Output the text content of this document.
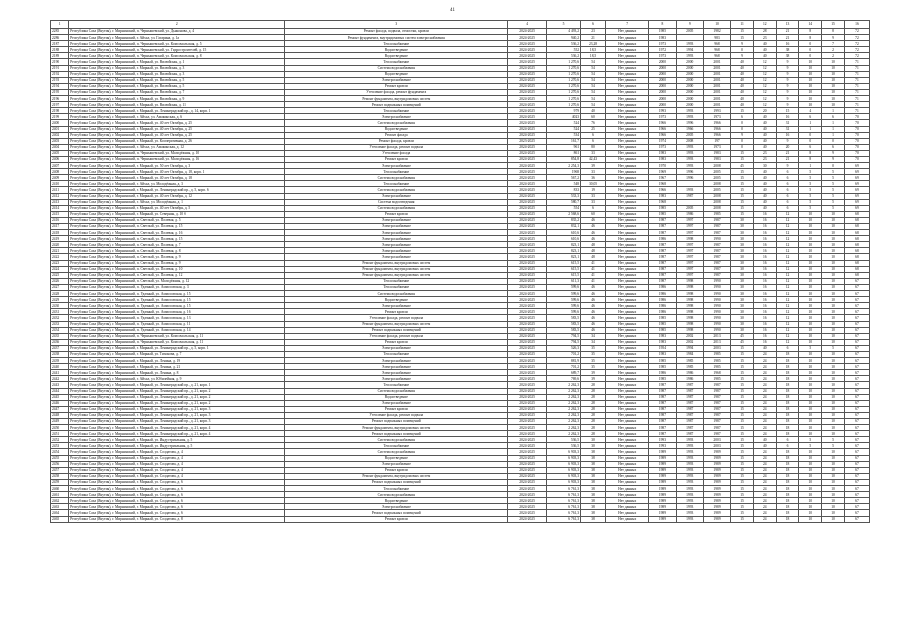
41
1	2	3	4	5	6	7	8	9	10	11	12	13	14	15	16
2285	Республика Саха (Якутия), г. Мирнинский, п. Чернышевский, ул. Дьяконова, д. 4	Ремонт фасада, подвала, отмостки, кровли	2024-2025	4 493,2	23	Нет данных	1985	2005	1982	15	28	21	8	8	72
2286	Республика Саха (Якутия), г. Мирнинский, г. Айхал, ул. Гагарина, д. 1а	Ремонт фундамента, внутридомовых систем электроснабжения	2024-2025	940,2	21	Нет данных	1983		983	15	23	21	8	9	72
2187	Республика Саха (Якутия), г. Мирнинский, п. Чернышевский, ул. Комсомольская, д. 5	Теплоснабжение	2024-2025	536,2	23,28	Нет данных	1973	1993	968	9	40	16	0	7	72
2188	Республика Саха (Якутия), г. Мирнинский, п. Чернышевский, ул. Гидростроителей, д. 15	Водоотведение	2024-2025	552	18,5	Нет данных	1972	1994	968	0	40	38	0	2	72
2189	Республика Саха (Якутия), г. Мирнинский, п. Чернышевский, ул. Комсомольская, д. 8	Водоотведение	2024-2025	536,2	18,5	Нет данных	1973	1993	968	9	40	38	0	2	72
2190	Республика Саха (Якутия), г. Мирнинский, г. Мирный, ул. Вилюйская, д. 1	Теплоснабжение	2024-2025	1 270,6	54	Нет данных	2000	2000	2001	40	12	9	10	10	71
2191	Республика Саха (Якутия), г. Мирнинский, г. Мирный, ул. Вилюйская, д. 3	Система водоснабжения	2024-2025	1 270,6	54	Нет данных	2000	2000	2001	40	12	9	10	10	71
2192	Республика Саха (Якутия), г. Мирнинский, г. Мирный, ул. Вилюйская, д. 3	Водоотведение	2024-2025	1 270,6	54	Нет данных	2000	2000	2001	40	12	9	10	10	71
2193	Республика Саха (Якутия), г. Мирнинский, г. Мирный, ул. Вилюйская, д. 5	Электроснабжение	2024-2025	1 270,6	54	Нет данных	2000	2000	2001	40	12	9	10	10	71
2194	Республика Саха (Якутия), г. Мирнинский, г. Мирный, ул. Вилюйская, д. 5	Ремонт кровли	2024-2025	1 270,6	54	Нет данных	2000	2000	2001	40	12	9	10	10	71
2195	Республика Саха (Якутия), г. Мирнинский, г. Мирный, ул. Вилюйская, д. 7	Утепление фасада, ремонт фундамента	2024-2025	1 270,6	54	Нет данных	2000	2000	2001	40	12	9	10	10	71
2196	Республика Саха (Якутия), г. Мирнинский, г. Мирный, ул. Вилюйская, д. 9	Ремонт фундамента, внутридомовых систем	2024-2025	1 270,6	54	Нет данных	2000	2000	2001	40	12	9	10	10	71
2197	Республика Саха (Якутия), г. Мирнинский, г. Мирный, ул. Вилюйская, д. 11	Ремонт подвальных помещений	2024-2025	1 270,6	54	Нет данных	2000	2000	2001	40	12	9	10	10	71
2198	Республика Саха (Якутия), г. Мирнинский, г. Мирный, ул. Ленинградский пр., д. 14, корп. 1	Теплоснабжение	2024-2025	979	40	Нет данных	1993	1993	1993	15	20	15	4	1	71
2199	Республика Саха (Якутия), г. Мирнинский, г. Айхал, ул. Амакинская, д. 6	Электроснабжение	2024-2025	4023	60	Нет данных	1973	1993	1973	6	40	16	6	6	70
2400	Республика Саха (Якутия), г. Мирнинский, г. Мирный, ул. 40 лет Октября, д. 25	Система водоснабжения	2024-2025	524	76	Нет данных	1966	1996	1966	0	40	31	1	1	70
2401	Республика Саха (Якутия), г. Мирнинский, г. Мирный, ул. 40 лет Октября, д. 25	Водоотведение	2024-2025	524	25	Нет данных	1966	1966	1966	0	40	31	1	1	70
2402	Республика Саха (Якутия), г. Мирнинский, г. Мирный, ул. 40 лет Октября, д. 25	Ремонт фасада	2024-2025	534	6	Нет данных	1966	2005	1966	9	40	16	0	1	70
2403	Республика Саха (Якутия), г. Мирнинский, г. Мирный, ул. Кооперативная, д. 26	Ремонт фасада, кровли	2023-2025	161,7	6	Нет данных	1974	2008	197	0	40	9	0	0	70
2404	Республика Саха (Якутия), г. Мирнинский, г. Айхал, ул. Амакинская, д. 12	Утепление фасада, ремонт подвала	2024-2025	961	80	Нет данных	1973	1993	1973	0	40	20	6	6	70
2405	Республика Саха (Якутия), г. Мирнинский, п. Чернышевский, ул. Молодёжная, д. 10	Утепление фасада	2024-2025	861	33	Нет данных	1983	1993	1983	15	23	21	8	9	70
2406	Республика Саха (Якутия), г. Мирнинский, п. Чернышевский, ул. Молодёжная, д. 16	Ремонт кровли	2024-2025	854,8	42,43	Нет данных	1983	1993	1983	15	23	21	8	9	70
2407	Республика Саха (Якутия), г. Мирнинский, г. Мирный, ул. 50 лет Октября, д. 3	Электроснабжение	2024-2025	2 254,3	39	Нет данных	1970	1993	2008	45	30	9	1	0	69
2408	Республика Саха (Якутия), г. Мирнинский, г. Мирный, ул. 40 лет Октября, д. 18, корп. 1	Теплоснабжение	2024-2025	1968	33	Нет данных	1969	1996	2005	15	40	6	5	5	69
2409	Республика Саха (Якутия), г. Мирнинский, г. Мирный, ул. 40 лет Октября, д. 18	Система водоснабжения	2024-2025	567,2	36	Нет данных	1967	1996	2005	15	40	6	5	5	69
2410	Республика Саха (Якутия), г. Мирнинский, г. Айхал, ул. Молодёжная, д. 3	Теплоснабжение	2024-2025	548	30,05	Нет данных	1968		2008	15	40	6	5	5	69
2411	Республика Саха (Якутия), г. Мирнинский, г. Мирный, ул. Ленинградский пр., д. 5, корп. 6	Система водоснабжения	2024-2025	833	19	Нет данных	1966	1993	2005	15	40	6	5	5	69
2412	Республика Саха (Якутия), г. Мирнинский, г. Мирный, ул. 40 лет Октября, д. 12	Электроснабжение	2024-2025	533,3	33	Нет данных	1983	1987	2008	15	40	6	5	5	69
2413	Республика Саха (Якутия), г. Мирнинский, г. Айхал, ул. Молодёжная, д. 1	Система водоотведения	2024-2025	580,7	33	Нет данных	1968		2008	15	40	6	5	5	69
2414	Республика Саха (Якутия), г. Мирнинский, г. Мирный, ул. 40 лет Октября, д. 5	Система водоснабжения	2024-2025	554	6	Нет данных	1985	2005	2008	15	40	6	5	5	69
2415	Республика Саха (Якутия), г. Мирнинский, г. Мирный, ул. Северная, д. 10 б	Ремонт кровли	2024-2025	2 568,6	60	Нет данных	1985	1986	1985	15	16	12	10	10	68
2416	Республика Саха (Якутия), г. Мирнинский, п. Светлый, ул. Полевая, д. 5	Электроснабжение	2024-2025	835,2	46	Нет данных	1987	1997	1987	30	16	12	10	10	68
2417	Республика Саха (Якутия), г. Мирнинский, п. Светлый, ул. Полевая, д. 15	Электроснабжение	2024-2025	832,1	46	Нет данных	1987	1997	1987	30	16	12	10	10	68
2418	Республика Саха (Якутия), г. Мирнинский, п. Светлый, ул. Полевая, д. 16	Электроснабжение	2024-2025	610,6	46	Нет данных	1987	1997	1987	30	16	12	10	10	68
2419	Республика Саха (Якутия), г. Мирнинский, п. Светлый, ул. Полевая, д. 15	Электроснабжение	2024-2025	610,6	46	Нет данных	1986	1998	1990	30	16	12	10	10	68
2420	Республика Саха (Якутия), г. Мирнинский, п. Светлый, ул. Полевая, д. 7	Электроснабжение	2024-2025	823,1	48	Нет данных	1987	1997	1987	30	16	12	10	10	68
2421	Республика Саха (Якутия), г. Мирнинский, п. Светлый, ул. Полевая, д. 8	Электроснабжение	2024-2025	823,1	48	Нет данных	1987	1997	1987	30	16	12	10	10	68
2422	Республика Саха (Якутия), г. Мирнинский, п. Светлый, ул. Полевая, д. 9	Электроснабжение	2024-2025	823,1	48	Нет данных	1987	1997	1987	30	16	12	10	10	68
2423	Республика Саха (Якутия), г. Мирнинский, п. Светлый, ул. Полевая, д. 9	Ремонт фундамента, внутридомовых систем	2024-2025	615,5	41	Нет данных	1987	1997	1987	30	16	12	10	10	68
2424	Республика Саха (Якутия), г. Мирнинский, п. Светлый, ул. Полевая, д. 10	Ремонт фундамента, внутридомовых систем	2024-2025	615,5	41	Нет данных	1987	1997	1987	30	16	12	10	10	68
2425	Республика Саха (Якутия), г. Мирнинский, п. Светлый, ул. Полевая, д. 12	Ремонт фундамента, внутридомовых систем	2024-2025	615,5	41	Нет данных	1987	1997	1987	30	16	12	10	10	68
2426	Республика Саха (Якутия), г. Мирнинский, п. Светлый, ул. Молодёжная, д. 12	Теплоснабжение	2024-2025	611,3	41	Нет данных	1987	1998	1990	30	16	12	10	10	67
2427	Республика Саха (Якутия), г. Мирнинский, п. Удачный, ул. Аммосовская, д. 3	Теплоснабжение	2024-2025	599,6	46	Нет данных	1986	1998	1990	30	16	12	10	10	67
2428	Республика Саха (Якутия), г. Мирнинский, п. Удачный, ул. Аммосовская, д. 15	Система водоснабжения	2024-2025	599,6	46	Нет данных	1986	1998	1990	30	16	12	10	10	67
2429	Республика Саха (Якутия), г. Мирнинский, п. Удачный, ул. Аммосовская, д. 15	Водоотведение	2024-2025	599,6	46	Нет данных	1986	1998	1990	30	16	12	10	10	67
2430	Республика Саха (Якутия), г. Мирнинский, п. Удачный, ул. Аммосовская, д. 15	Электроснабжение	2024-2025	599,6	46	Нет данных	1986	1998	1990	30	16	12	10	10	67
2431	Республика Саха (Якутия), г. Мирнинский, п. Удачный, ул. Аммосовская, д. 16	Ремонт кровли	2024-2025	599,6	46	Нет данных	1986	1998	1990	30	16	12	10	10	67
2432	Республика Саха (Якутия), г. Мирнинский, п. Удачный, ул. Аммосовская, д. 13	Утепление фасада, ремонт подвала	2024-2025	583,5	46	Нет данных	1985	1998	1990	30	16	12	10	10	67
2433	Республика Саха (Якутия), г. Мирнинский, п. Удачный, ул. Аммосовская, д. 11	Ремонт фундамента, внутридомовых систем	2024-2025	583,5	46	Нет данных	1985	1998	1990	30	16	12	10	10	67
2434	Республика Саха (Якутия), г. Мирнинский, п. Удачный, ул. Аммосовская, д. 14	Ремонт подвальных помещений	2024-2025	583,5	46	Нет данных	1985	1998	1990	30	16	12	10	10	67
2435	Республика Саха (Якутия), г. Мирнинский, п. Чернышевский, ул. Комсомольская, д. 11	Утепление фасада, ремонт подвала	2024-2025	794,5	34	Нет данных	1983	2002	2013	45	16	12	10	10	67
2436	Республика Саха (Якутия), г. Мирнинский, п. Чернышевский, ул. Комсомольская, д. 11	Ремонт кровли	2024-2025	794,5	34	Нет данных	1983	2002	2013	45	16	12	10	10	67
2437	Республика Саха (Якутия), г. Мирнинский, г. Мирный, ул. Ленинградский пр., д. 5, корп. 1	Электроснабжение	2024-2025	526,3	35	Нет данных	1954	1994	2003	15	40	6	5	5	67
2438	Республика Саха (Якутия), г. Мирнинский, г. Мирный, ул. Тихонова, д. 7	Теплоснабжение	2024-2025	701,2	35	Нет данных	1983	1984	1985	15	24	18	10	10	67
2439	Республика Саха (Якутия), г. Мирнинский, г. Мирный, ул. Ленина, д. 19	Электроснабжение	2024-2025	881,9	35	Нет данных	1985	1985	1985	15	24	18	10	10	67
2440	Республика Саха (Якутия), г. Мирнинский, г. Мирный, ул. Ленина, д. 21	Электроснабжение	2024-2025	701,2	35	Нет данных	1985	1985	1985	15	24	18	10	10	67
2441	Республика Саха (Якутия), г. Мирнинский, г. Мирный, ул. Ленина, д. 8	Электроснабжение	2024-2025	689,7	39	Нет данных	1986	1986	1968	15	24	18	10	10	67
2442	Республика Саха (Якутия), г. Мирнинский, г. Айхал, ул. Юбилейная, д. 9	Электроснабжение	2024-2025	769,6	39	Нет данных	1985	1986	1985	15	24	18	10	10	67
2443	Республика Саха (Якутия), г. Мирнинский, г. Мирный, ул. Ленинградский пр., д. 21, корп. 1	Теплоснабжение	2024-2025	2 262,3	28	Нет данных	1987	1987	1987	15	24	18	10	10	67
2444	Республика Саха (Якутия), г. Мирнинский, г. Мирный, ул. Ленинградский пр., д. 21, корп. 2	Система водоснабжения	2024-2025	2 262,3	28	Нет данных	1987	1987	1987	15	24	18	10	10	67
2445	Республика Саха (Якутия), г. Мирнинский, г. Мирный, ул. Ленинградский пр., д. 21, корп. 2	Водоотведение	2024-2025	2 262,3	28	Нет данных	1987	1987	1987	15	24	18	10	10	67
2446	Республика Саха (Якутия), г. Мирнинский, г. Мирный, ул. Ленинградский пр., д. 21, корп. 2	Электроснабжение	2024-2025	2 262,3	28	Нет данных	1987	1987	1987	15	24	18	10	10	67
2447	Республика Саха (Якутия), г. Мирнинский, г. Мирный, ул. Ленинградский пр., д. 21, корп. 3	Ремонт кровли	2024-2025	2 262,3	28	Нет данных	1987	1987	1987	15	24	18	10	10	67
2448	Республика Саха (Якутия), г. Мирнинский, г. Мирный, ул. Ленинградский пр., д. 21, корп. 3	Утепление фасада, ремонт подвала	2024-2025	2 262,3	28	Нет данных	1987	1987	1987	15	24	18	10	10	67
2449	Республика Саха (Якутия), г. Мирнинский, г. Мирный, ул. Ленинградский пр., д. 21, корп. 3	Ремонт подвальных помещений	2024-2025	2 262,3	28	Нет данных	1987	1987	1987	15	24	18	10	10	67
2450	Республика Саха (Якутия), г. Мирнинский, г. Мирный, ул. Ленинградский пр., д. 21, корп. 4	Ремонт фундамента, внутридомовых систем	2024-2025	2 262,3	28	Нет данных	1987	1987	1987	15	24	18	10	10	67
2451	Республика Саха (Якутия), г. Мирнинский, г. Мирный, ул. Ленинградский пр., д. 21, корп. 4	Ремонт подвальных помещений	2024-2025	2 262,3	28	Нет данных	1987	1987	1987	15	24	18	10	10	67
2452	Республика Саха (Якутия), г. Мирнинский, г. Мирный, ул. Индустриальная, д. 5	Система водоснабжения	2024-2025	536,5	30	Нет данных	1993	1993	2003	15	40	6	5	5	67
2453	Республика Саха (Якутия), г. Мирнинский, г. Мирный, ул. Индустриальная, д. 5	Теплоснабжение	2024-2025	536,5	30	Нет данных	1993	1993	2003	15	40	6	5	5	67
2454	Республика Саха (Якутия), г. Мирнинский, г. Мирный, ул. Солдатова, д. 4	Система водоснабжения	2024-2025	6 903,3	38	Нет данных	1989	1993	1989	15	24	18	10	10	67
2455	Республика Саха (Якутия), г. Мирнинский, г. Мирный, ул. Солдатова, д. 4	Водоотведение	2024-2025	6 903,3	38	Нет данных	1989	1993	1989	15	24	18	10	10	67
2456	Республика Саха (Якутия), г. Мирнинский, г. Мирный, ул. Солдатова, д. 4	Электроснабжение	2024-2025	6 903,3	38	Нет данных	1989	1993	1989	15	24	18	10	10	67
2457	Республика Саха (Якутия), г. Мирнинский, г. Мирный, ул. Солдатова, д. 4	Ремонт кровли	2024-2025	6 903,3	38	Нет данных	1989	1993	1989	15	24	18	10	10	67
2458	Республика Саха (Якутия), г. Мирнинский, г. Мирный, ул. Солдатова, д. 4	Ремонт фундамента, внутридомовых систем	2024-2025	6 903,3	38	Нет данных	1989	1993	1989	15	24	18	10	10	67
2459	Республика Саха (Якутия), г. Мирнинский, г. Мирный, ул. Солдатова, д. 6	Ремонт подвальных помещений	2024-2025	6 903,3	38	Нет данных	1989	1993	1989	15	24	18	10	10	67
2460	Республика Саха (Якутия), г. Мирнинский, г. Мирный, ул. Солдатова, д. 6	Теплоснабжение	2024-2025	6 761,3	38	Нет данных	1989	1993	1989	15	24	18	10	10	67
2461	Республика Саха (Якутия), г. Мирнинский, г. Мирный, ул. Солдатова, д. 6	Система водоснабжения	2024-2025	6 761,3	38	Нет данных	1989	1993	1989	15	24	18	10	10	67
2462	Республика Саха (Якутия), г. Мирнинский, г. Мирный, ул. Солдатова, д. 6	Водоотведение	2024-2025	6 761,3	38	Нет данных	1989	1993	1989	15	24	18	10	10	67
2463	Республика Саха (Якутия), г. Мирнинский, г. Мирный, ул. Солдатова, д. 6	Электроснабжение	2024-2025	6 761,3	38	Нет данных	1989	1993	1989	15	24	18	10	10	67
2464	Республика Саха (Якутия), г. Мирнинский, г. Мирный, ул. Солдатова, д. 6	Ремонт подвальных помещений	2024-2025	6 761,3	38	Нет данных	1989	1993	1989	15	24	18	10	10	67
2465	Республика Саха (Якутия), г. Мирнинский, г. Мирный, ул. Солдатова, д. 8	Ремонт кровли	2024-2025	6 761,3	38	Нет данных	1989	1993	1989	15	24	18	10	10	67
